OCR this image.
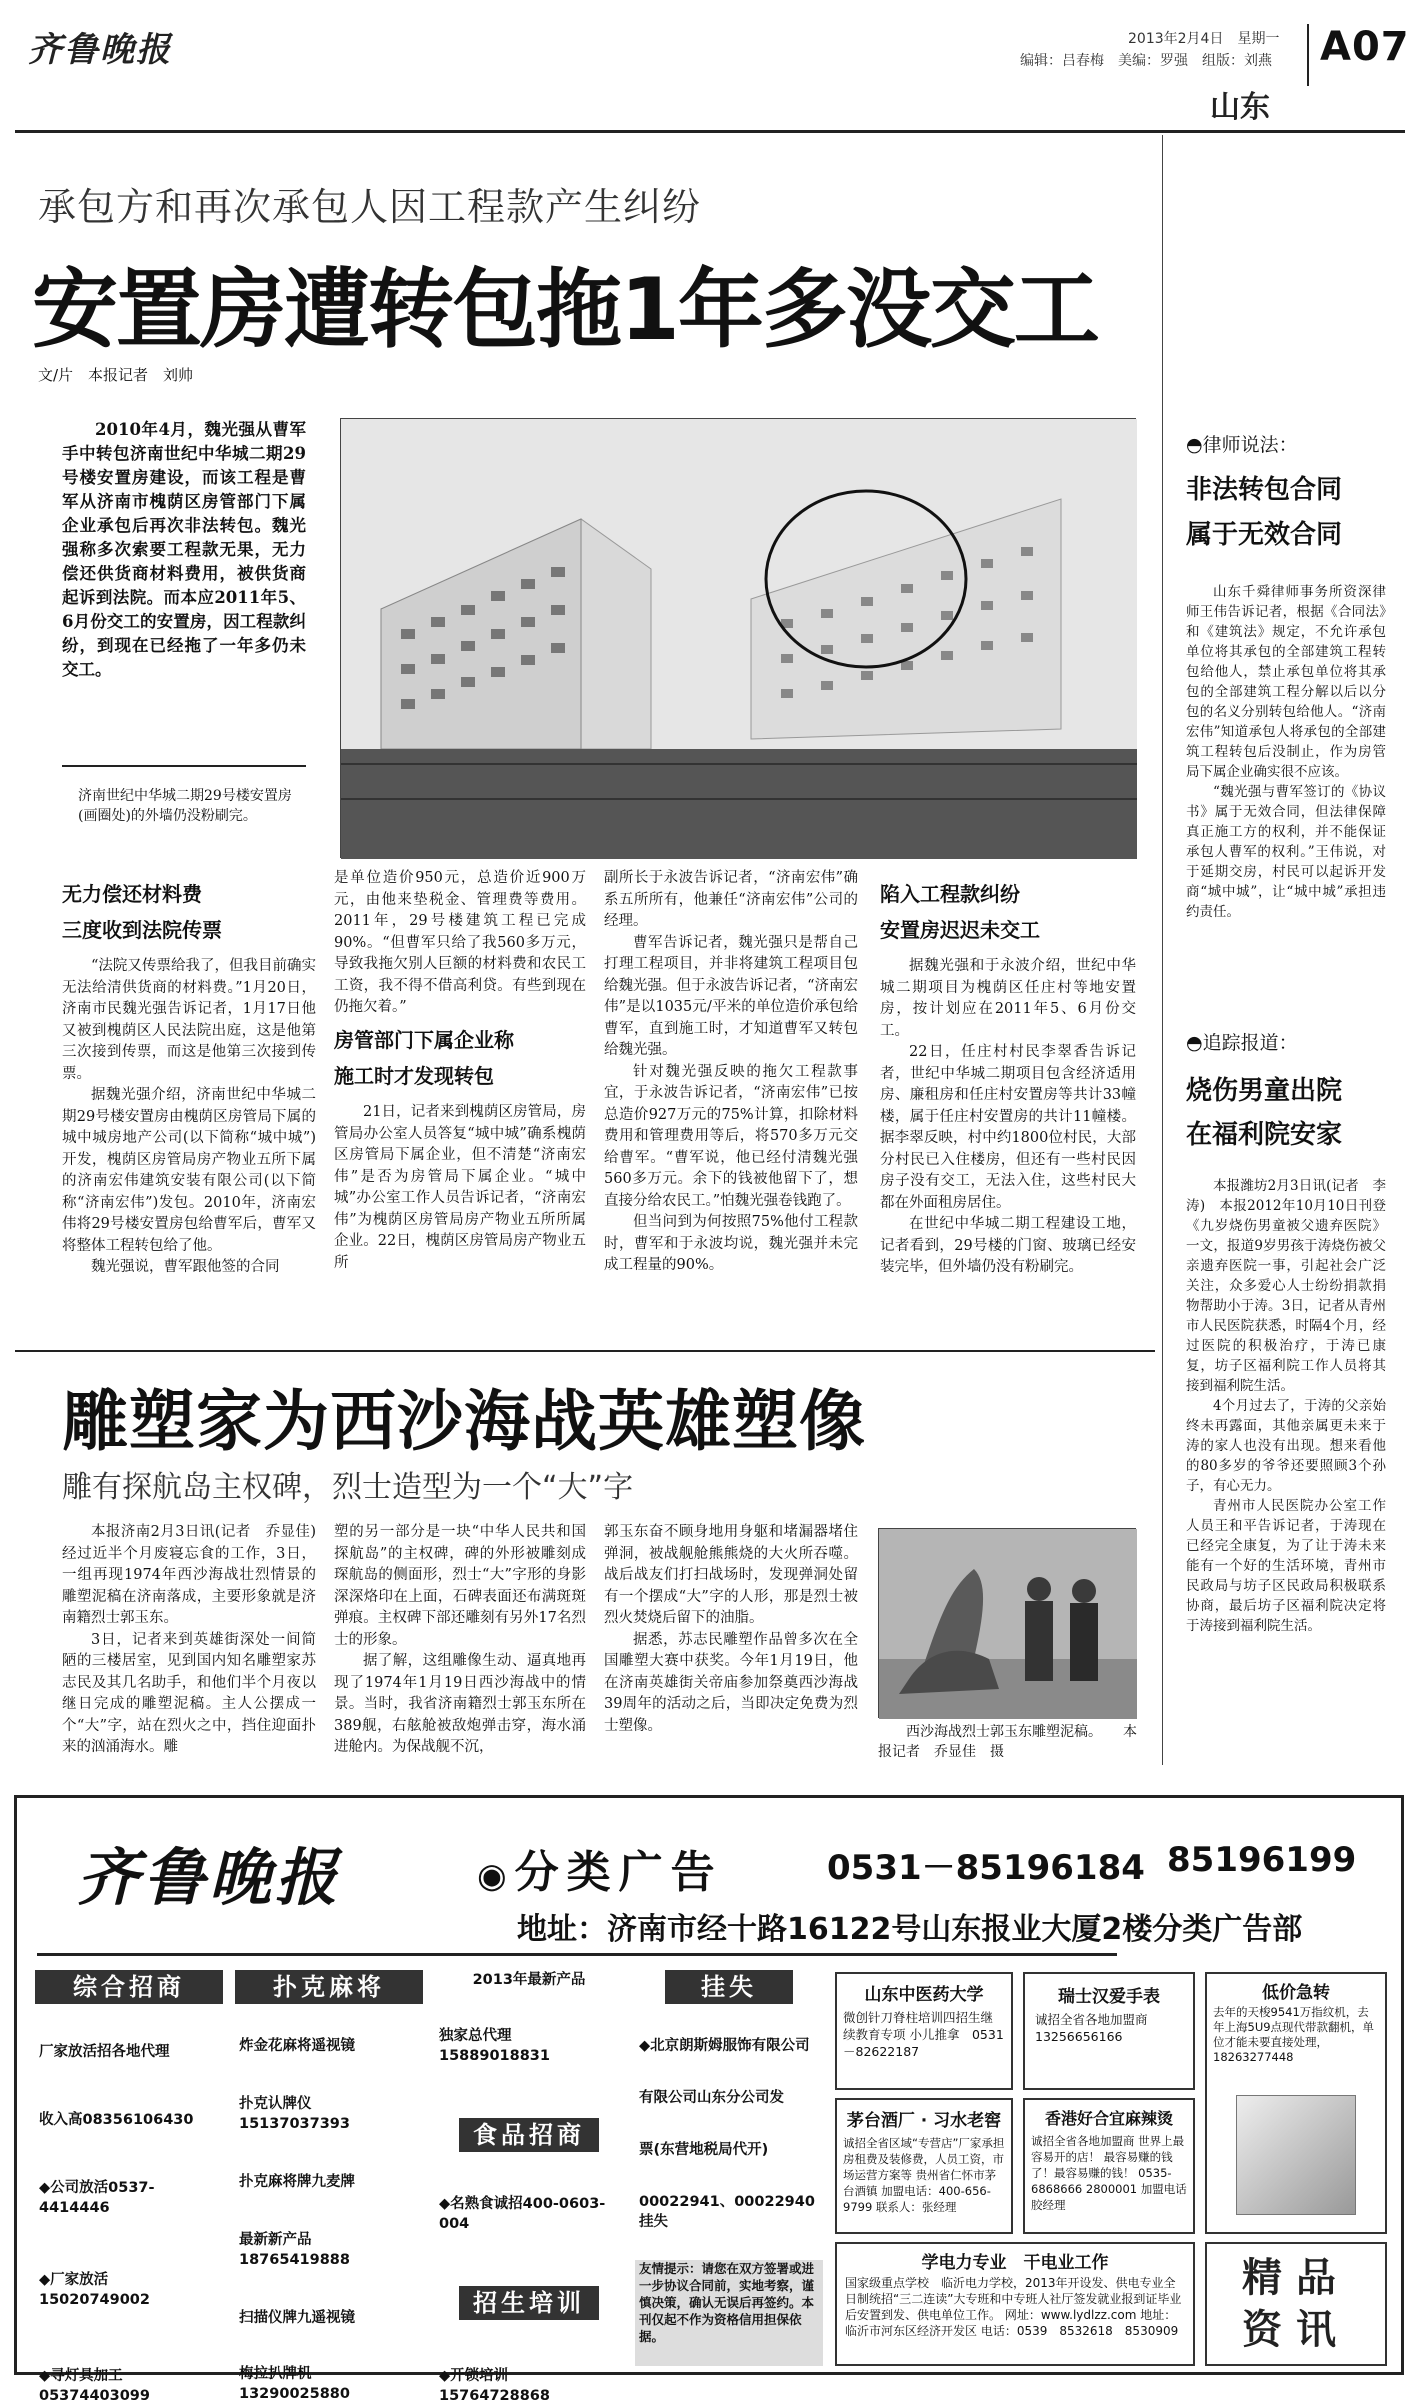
齐鲁晚报	2013年2月4日　 星期一
编辑：吕春梅　美编：罗强　组版：刘燕 A07
山东
承包方和再次承包人因工程款产生纠纷
安置房遭转包拖1年多没交工
文/片　本报记者　刘帅

2010年4月，魏光强从曹军手中转包济南世纪中华城二期29号楼安置房建设，而该工程是曹军从济南市槐荫区房管部门下属企业承包后再次非法转包。魏光强称多次索要工程款无果，无力偿还供货商材料费用，被供货商起诉到法院。而本应2011年5、6月份交工的安置房，因工程款纠纷，到现在已经拖了一年多仍未交工。

济南世纪中华城二期29号楼安置房(画圈处)的外墙仍没粉刷完。
无力偿还材料费
三度收到法院传票

“法院又传票给我了，但我目前确实无法给清供货商的材料费。”1月20日，济南市民魏光强告诉记者，1月17日他又被到槐荫区人民法院出庭，这是他第三次接到传票，而这是他第三次接到传票。

据魏光强介绍，济南世纪中华城二期29号楼安置房由槐荫区房管局下属的城中城房地产公司(以下简称“城中城”)开发，槐荫区房管局房产物业五所下属的济南宏伟建筑安装有限公司(以下简称“济南宏伟”)发包。2010年，济南宏伟将29号楼安置房包给曹军后，曹军又将整体工程转包给了他。

魏光强说，曹军跟他签的合同

是单位造价950元，总造价近900万元，由他来垫税金、管理费等费用。2011年，29号楼建筑工程已完成90%。“但曹军只给了我560多万元，导致我拖欠别人巨额的材料费和农民工工资，我不得不借高利贷。有些到现在仍拖欠着。”

房管部门下属企业称
施工时才发现转包

21日，记者来到槐荫区房管局，房管局办公室人员答复“城中城”确系槐荫区房管局下属企业，但不清楚“济南宏伟”是否为房管局下属企业。“城中城”办公室工作人员告诉记者，“济南宏伟”为槐荫区房管局房产物业五所所属企业。22日，槐荫区房管局房产物业五所

副所长于永波告诉记者，“济南宏伟”确系五所所有，他兼任“济南宏伟”公司的经理。

曹军告诉记者，魏光强只是帮自己打理工程项目，并非将建筑工程项目包给魏光强。但于永波告诉记者，“济南宏伟”是以1035元/平米的单位造价承包给曹军，直到施工时，才知道曹军又转包给魏光强。

针对魏光强反映的拖欠工程款事宜，于永波告诉记者，“济南宏伟”已按总造价927万元的75%计算，扣除材料费用和管理费用等后，将570多万元交给曹军。“曹军说，他已经付清魏光强560多万元。余下的钱被他留下了，想直接分给农民工。”怕魏光强卷钱跑了。

但当问到为何按照75%他付工程款时，曹军和于永波均说，魏光强并未完成工程量的90%。

陷入工程款纠纷
安置房迟迟未交工

据魏光强和于永波介绍，世纪中华城二期项目为槐荫区任庄村等地安置房，按计划应在2011年5、6月份交工。

22日，任庄村村民李翠香告诉记者，世纪中华城二期项目包含经济适用房、廉租房和任庄村安置房等共计33幢楼，属于任庄村安置房的共计11幢楼。据李翠反映，村中约1800位村民，大部分村民已入住楼房，但还有一些村民因房子没有交工，无法入住，这些村民大都在外面租房居住。

在世纪中华城二期工程建设工地，记者看到，29号楼的门窗、玻璃已经安装完毕，但外墙仍没有粉刷完。

◓律师说法：
非法转包合同
属于无效合同

山东千舜律师事务所资深律师王伟告诉记者，根据《合同法》和《建筑法》规定，不允许承包单位将其承包的全部建筑工程转包给他人，禁止承包单位将其承包的全部建筑工程分解以后以分包的名义分别转包给他人。“济南宏伟”知道承包人将承包的全部建筑工程转包后没制止，作为房管局下属企业确实很不应该。

“魏光强与曹军签订的《协议书》属于无效合同，但法律保障真正施工方的权利，并不能保证承包人曹军的权利。”王伟说，对于延期交房，村民可以起诉开发商“城中城”，让“城中城”承担违约责任。

◓追踪报道：
烧伤男童出院
在福利院安家

本报潍坊2月3日讯(记者　李涛)　本报2012年10月10日刊登《九岁烧伤男童被父遗弃医院》一文，报道9岁男孩于涛烧伤被父亲遗弃医院一事，引起社会广泛关注，众多爱心人士纷纷捐款捐物帮助小于涛。3日，记者从青州市人民医院获悉，时隔4个月，经过医院的积极治疗，于涛已康复，坊子区福利院工作人员将其接到福利院生活。

4个月过去了，于涛的父亲始终未再露面，其他亲属更未来于涛的家人也没有出现。想来看他的80多岁的爷爷还要照顾3个孙子，有心无力。

青州市人民医院办公室工作人员王和平告诉记者，于涛现在已经完全康复，为了让于涛未来能有一个好的生活环境，青州市民政局与坊子区民政局积极联系协商，最后坊子区福利院决定将于涛接到福利院生活。

雕塑家为西沙海战英雄塑像
雕有探航岛主权碑，烈士造型为一个“大”字

本报济南2月3日讯(记者　乔显佳)　经过近半个月废寝忘食的工作，3日，一组再现1974年西沙海战壮烈情景的雕塑泥稿在济南落成，主要形象就是济南籍烈士郭玉东。

3日，记者来到英雄街深处一间简陋的三楼居室，见到国内知名雕塑家苏志民及其几名助手，和他们半个月夜以继日完成的雕塑泥稿。主人公摆成一个“大”字，站在烈火之中，挡住迎面扑来的汹涌海水。雕

塑的另一部分是一块“中华人民共和国探航岛”的主权碑，碑的外形被雕刻成琛航岛的侧面形，烈士“大”字形的身影深深烙印在上面，石碑表面还布满斑斑弹痕。主权碑下部还雕刻有另外17名烈士的形象。

据了解，这组雕像生动、逼真地再现了1974年1月19日西沙海战中的情景。当时，我省济南籍烈士郭玉东所在389舰，右舷舱被敌炮弹击穿，海水涌进舱内。为保战舰不沉，

郭玉东奋不顾身地用身躯和堵漏器堵住弹洞，被战舰舱熊熊烧的大火所吞噬。战后战友们打扫战场时，发现弹洞处留有一个摆成“大”字的人形，那是烈士被烈火焚烧后留下的油脂。

据悉，苏志民雕塑作品曾多次在全国雕塑大赛中获奖。今年1月19日，他在济南英雄街关帝庙参加祭奠西沙海战39周年的活动之后，当即决定免费为烈士塑像。	西沙海战烈士郭玉东雕塑泥稿。　　本报记者　乔显佳　摄
齐鲁晚报	◉分类广告	0531－85196184 85196199
地址：济南市经十路16122号山东报业大厦2楼分类广告部
综合招商
厂家放活招各地代理
收入高08356106430
◆公司放活0537-4414446
◆厂家放活15020749002
◆寻灯具加工05374403099
扑克麻将
炸金花麻将遥视镜
扑克认牌仪15137037393
扑克麻将牌九麦牌
最新新产品18765419888
扫描仪牌九遥视镜
梅拉扒牌机13290025880
2013年最新产品
独家总代理15889018831
食品招商
◆名熟食诚招400-0603-004
招生培训
◆开锁培训15764728868
挂失
◆北京朗斯姆服饰有限公司
有限公司山东分公司发
票(东营地税局代开)
00022941、00022940挂失
友情提示：请您在双方签署或进一步协议合同前，实地考察，谨慎决策，确认无误后再签约。本刊仅起不作为资格信用担保依据。
山东中医药大学
微创针刀脊柱培训四招生继续教育专项 小儿推拿　0531－82622187
瑞士汉爱手表
诚招全省各地加盟商 13256656166
低价急转
去年的天梭9541万指纹机，去年上海5U9点现代带款翻机，单位才能未要直接处理，18263277448
茅台酒厂 · 习水老窖
诚招全省区域“专营店”厂家承担房租费及装修费，人员工资，市场运营方案等 贵州省仁怀市茅台酒镇 加盟电话：400-656-9799 联系人：张经理
香港好合宜麻辣烫
诚招全省各地加盟商 世界上最容易开的店！ 最容易赚的钱了！最容易赚的钱！ 0535-6868666 2800001 加盟电话 胶经理
学电力专业　干电业工作
国家级重点学校　临沂电力学校，2013年开设发、供电专业全日制统招“三二连读”大专班和中专班人社厅签发就业报到证毕业后安置到发、供电单位工作。 网址：www.lydlzz.com 地址：临沂市河东区经济开发区 电话：0539　8532618　8530909
精品资讯
